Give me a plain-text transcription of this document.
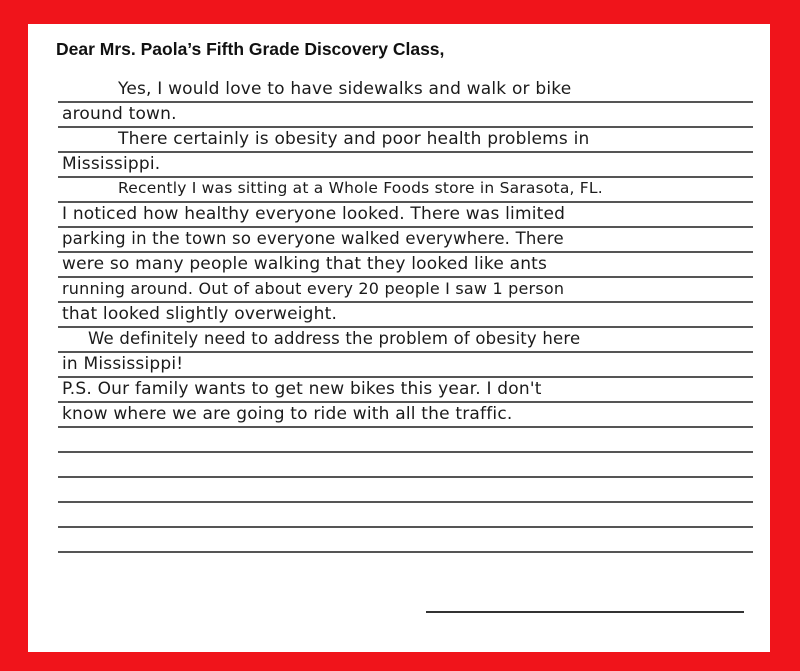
Dear Mrs. Paola’s Fifth Grade Discovery Class,
Yes, I would love to have sidewalks and walk or bike
around town.
There certainly is obesity and poor health problems in
Mississippi.
Recently I was sitting at a Whole Foods store in Sarasota, FL.
I noticed how healthy everyone looked. There was limited
parking in the town so everyone walked everywhere. There
were so many people walking that they looked like ants
running around. Out of about every 20 people I saw 1 person
that looked slightly overweight.
We definitely need to address the problem of obesity here
in Mississippi!
P.S. Our family wants to get new bikes this year. I don't
know where we are going to ride with all the traffic.
